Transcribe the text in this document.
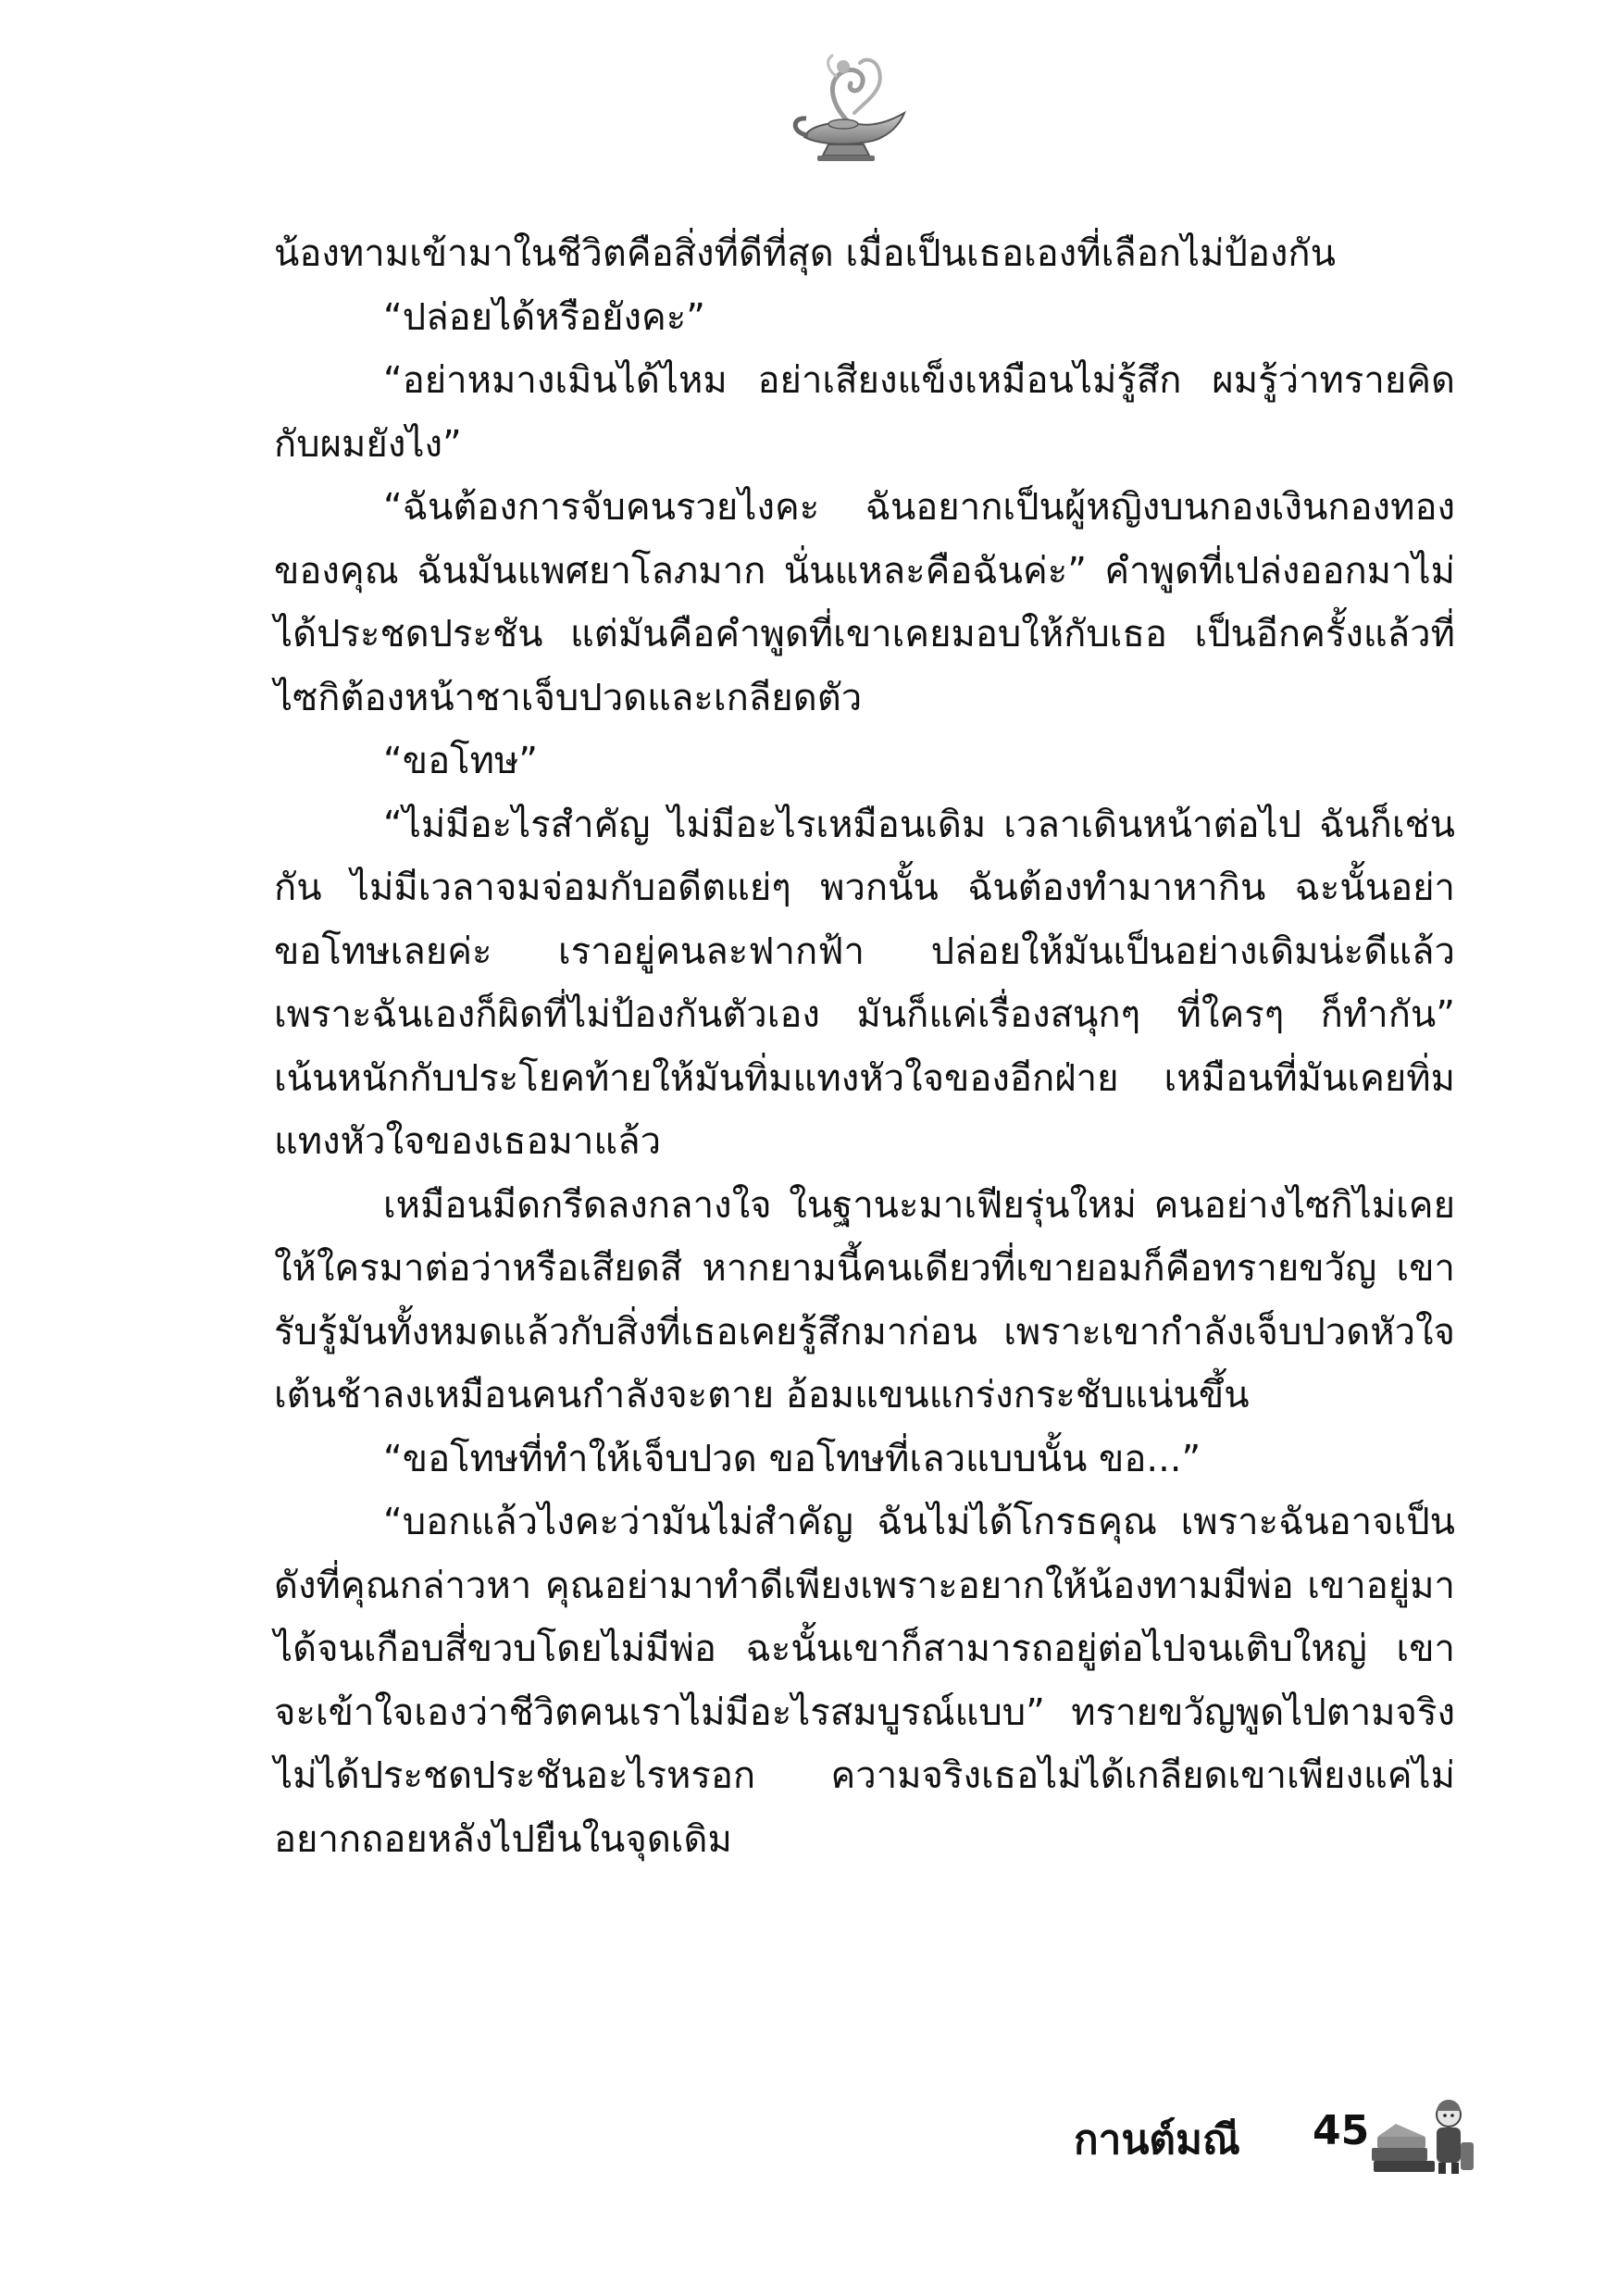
น้องทามเข้ามาในชีวิตคือสิ่งที่ดีที่สุด เมื่อเป็นเธอเองที่เลือกไม่ป้องกัน

“ปล่อยได้หรือยังคะ”

“อย่าหมางเมินได้ไหม อย่าเสียงแข็งเหมือนไม่รู้สึก ผมรู้ว่าทรายคิดกับผมยังไง”

“ฉันต้องการจับคนรวยไงคะ ฉันอยากเป็นผู้หญิงบนกองเงินกองทองของคุณ ฉันมันแพศยาโลภมาก นั่นแหละคือฉันค่ะ” คำพูดที่เปล่งออกมาไม่ได้ประชดประชัน แต่มันคือคำพูดที่เขาเคยมอบให้กับเธอ เป็นอีกครั้งแล้วที่ไซกิต้องหน้าชาเจ็บปวดและเกลียดตัว

“ขอโทษ”

“ไม่มีอะไรสำคัญ ไม่มีอะไรเหมือนเดิม เวลาเดินหน้าต่อไป ฉันก็เช่นกัน ไม่มีเวลาจมจ่อมกับอดีตแย่ๆ พวกนั้น ฉันต้องทำมาหากิน ฉะนั้นอย่าขอโทษเลยค่ะ เราอยู่คนละฟากฟ้า ปล่อยให้มันเป็นอย่างเดิมน่ะดีแล้ว เพราะฉันเองก็ผิดที่ไม่ป้องกันตัวเอง มันก็แค่เรื่องสนุกๆ ที่ใครๆ ก็ทำกัน” เน้นหนักกับประโยคท้ายให้มันทิ่มแทงหัวใจของอีกฝ่าย เหมือนที่มันเคยทิ่มแทงหัวใจของเธอมาแล้ว

เหมือนมีดกรีดลงกลางใจ ในฐานะมาเฟียรุ่นใหม่ คนอย่างไซกิไม่เคยให้ใครมาต่อว่าหรือเสียดสี หากยามนี้คนเดียวที่เขายอมก็คือทรายขวัญ เขารับรู้มันทั้งหมดแล้วกับสิ่งที่เธอเคยรู้สึกมาก่อน เพราะเขากำลังเจ็บปวดหัวใจเต้นช้าลงเหมือนคนกำลังจะตาย อ้อมแขนแกร่งกระชับแน่นขึ้น

“ขอโทษที่ทำให้เจ็บปวด ขอโทษที่เลวแบบนั้น ขอ...”

“บอกแล้วไงคะว่ามันไม่สำคัญ ฉันไม่ได้โกรธคุณ เพราะฉันอาจเป็นดังที่คุณกล่าวหา คุณอย่ามาทำดีเพียงเพราะอยากให้น้องทามมีพ่อ เขาอยู่มาได้จนเกือบสี่ขวบโดยไม่มีพ่อ ฉะนั้นเขาก็สามารถอยู่ต่อไปจนเติบใหญ่ เขาจะเข้าใจเองว่าชีวิตคนเราไม่มีอะไรสมบูรณ์แบบ” ทรายขวัญพูดไปตามจริง ไม่ได้ประชดประชันอะไรหรอก ความจริงเธอไม่ได้เกลียดเขาเพียงแค่ไม่อยากถอยหลังไปยืนในจุดเดิม

กานต์มณี 45
